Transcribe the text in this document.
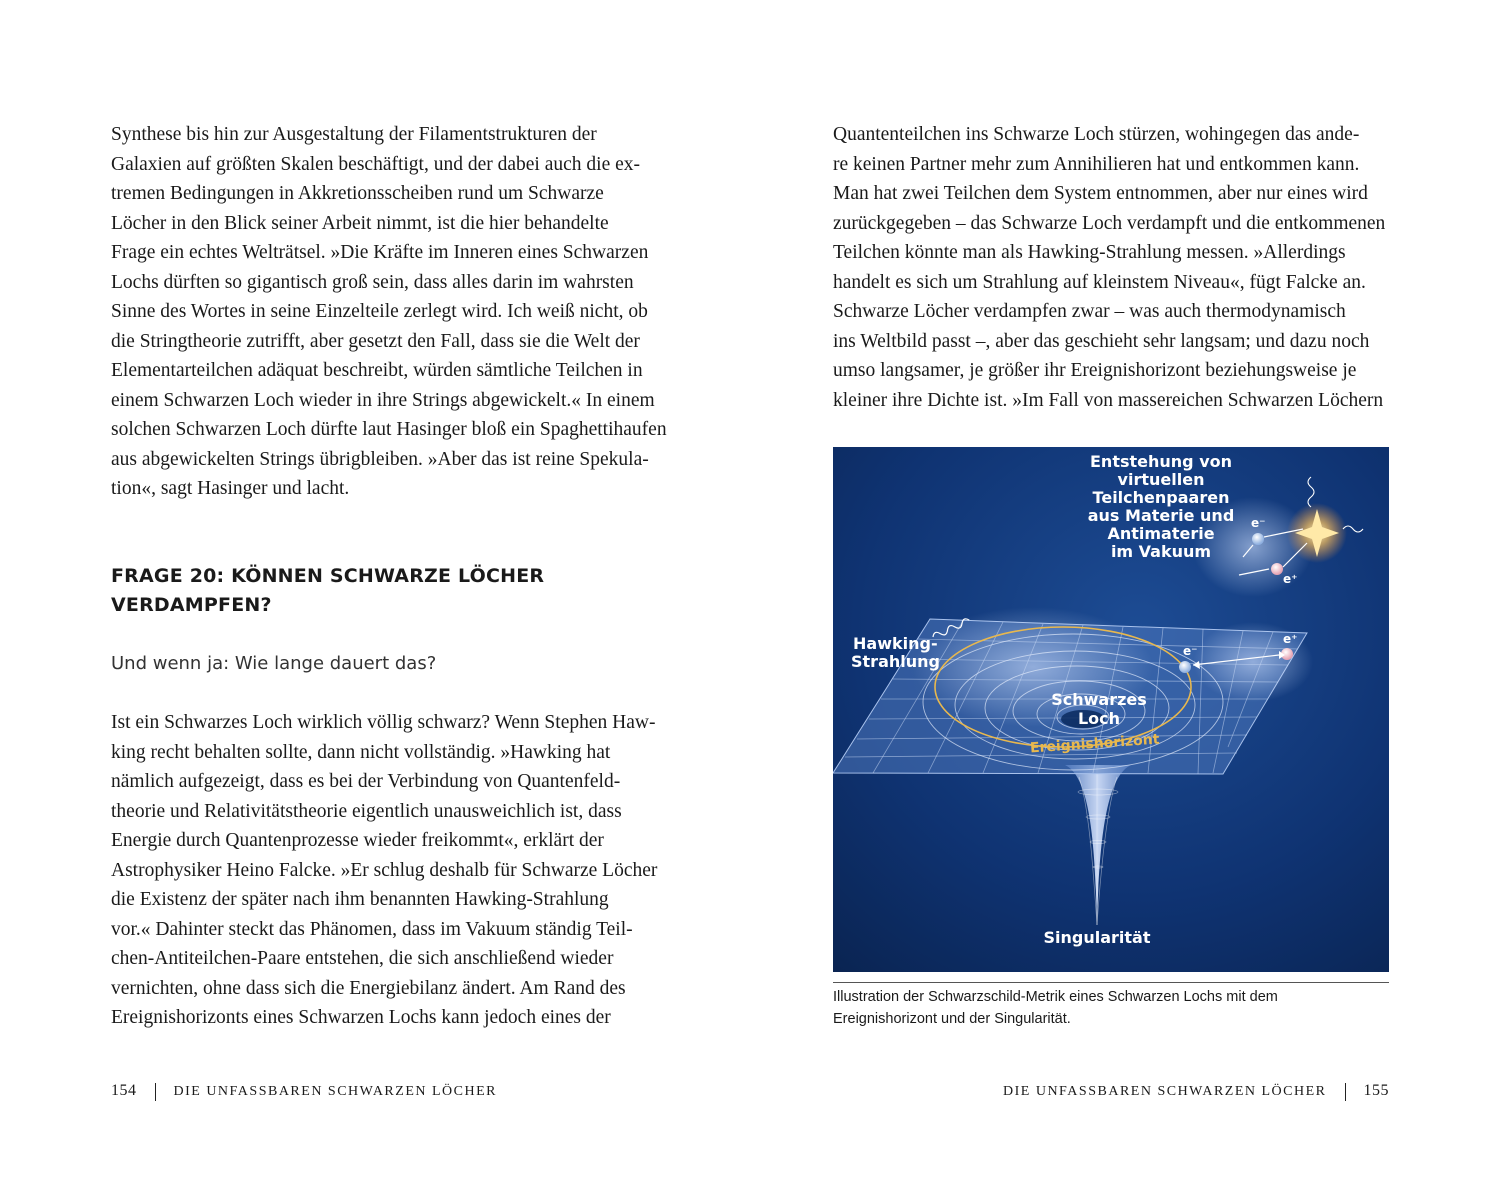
Synthese bis hin zur Ausgestaltung der Filamentstrukturen der
Galaxien auf größten Skalen beschäftigt, und der dabei auch die ex-
tremen Bedingungen in Akkretionsscheiben rund um Schwarze
Löcher in den Blick seiner Arbeit nimmt, ist die hier behandelte
Frage ein echtes Welträtsel. »Die Kräfte im Inneren eines Schwarzen
Lochs dürften so gigantisch groß sein, dass alles darin im wahrsten
Sinne des Wortes in seine Einzelteile zerlegt wird. Ich weiß nicht, ob
die Stringtheorie zutrifft, aber gesetzt den Fall, dass sie die Welt der
Elementarteilchen adäquat beschreibt, würden sämtliche Teilchen in
einem Schwarzen Loch wieder in ihre Strings abgewickelt.« In einem
solchen Schwarzen Loch dürfte laut Hasinger bloß ein Spaghettihaufen
aus abgewickelten Strings übrigbleiben. »Aber das ist reine Spekula-
tion«, sagt Hasinger und lacht.
FRAGE 20: KÖNNEN SCHWARZE LÖCHER
VERDAMPFEN?
Und wenn ja: Wie lange dauert das?
Ist ein Schwarzes Loch wirklich völlig schwarz? Wenn Stephen Haw-
king recht behalten sollte, dann nicht vollständig. »Hawking hat
nämlich aufgezeigt, dass es bei der Verbindung von Quantenfeld-
theorie und Relativitätstheorie eigentlich unausweichlich ist, dass
Energie durch Quantenprozesse wieder freikommt«, erklärt der
Astrophysiker Heino Falcke. »Er schlug deshalb für Schwarze Löcher
die Existenz der später nach ihm benannten Hawking-Strahlung
vor.« Dahinter steckt das Phänomen, dass im Vakuum ständig Teil-
chen-Antiteilchen-Paare entstehen, die sich anschließend wieder
vernichten, ohne dass sich die Energiebilanz ändert. Am Rand des
Ereignishorizonts eines Schwarzen Lochs kann jedoch eines der
154	DIE UNFASSBAREN SCHWARZEN LÖCHER
Quantenteilchen ins Schwarze Loch stürzen, wohingegen das ande-
re keinen Partner mehr zum Annihilieren hat und entkommen kann.
Man hat zwei Teilchen dem System entnommen, aber nur eines wird
zurückgegeben – das Schwarze Loch verdampft und die entkommenen
Teilchen könnte man als Hawking-Strahlung messen. »Allerdings
handelt es sich um Strahlung auf kleinstem Niveau«, fügt Falcke an.
Schwarze Löcher verdampfen zwar – was auch thermodynamisch
ins Weltbild passt –, aber das geschieht sehr langsam; und dazu noch
umso langsamer, je größer ihr Ereignishorizont beziehungsweise je
kleiner ihre Dichte ist. »Im Fall von massereichen Schwarzen Löchern
e⁻
e⁺
e⁻
e⁺
Entstehung von
virtuellen
Teilchenpaaren
aus Materie und
Antimaterie
im Vakuum
Hawking-
Strahlung
Schwarzes
Loch
Ereignishorizont
Singularität
Illustration der Schwarzschild-Metrik eines Schwarzen Lochs mit dem
Ereignishorizont und der Singularität.
DIE UNFASSBAREN SCHWARZEN LÖCHER 155
